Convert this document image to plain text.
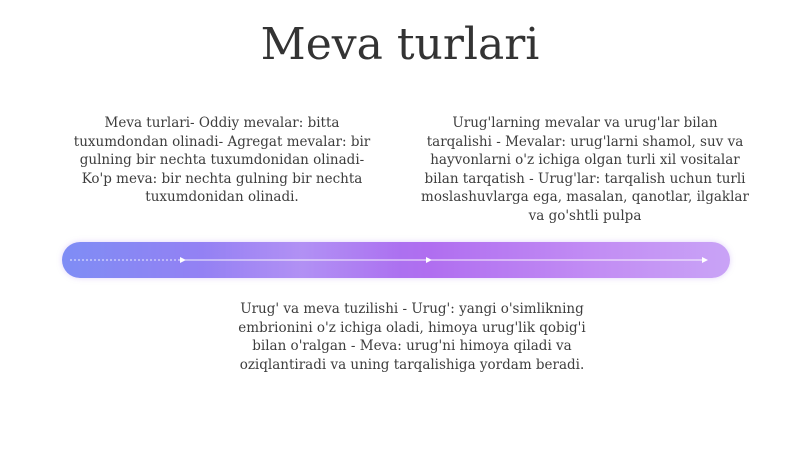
Meva turlari

Meva turlari- Oddiy mevalar: bitta tuxumdondan olinadi- Agregat mevalar: bir gulning bir nechta tuxumdonidan olinadi- Ko'p meva: bir nechta gulning bir nechta tuxumdonidan olinadi.

Urug'larning mevalar va urug'lar bilan tarqalishi - Mevalar: urug'larni shamol, suv va hayvonlarni o'z ichiga olgan turli xil vositalar bilan tarqatish - Urug'lar: tarqalish uchun turli moslashuvlarga ega, masalan, qanotlar, ilgaklar va go'shtli pulpa

Urug' va meva tuzilishi - Urug': yangi o'simlikning embrionini o'z ichiga oladi, himoya urug'lik qobig'i bilan o'ralgan - Meva: urug'ni himoya qiladi va oziqlantiradi va uning tarqalishiga yordam beradi.
